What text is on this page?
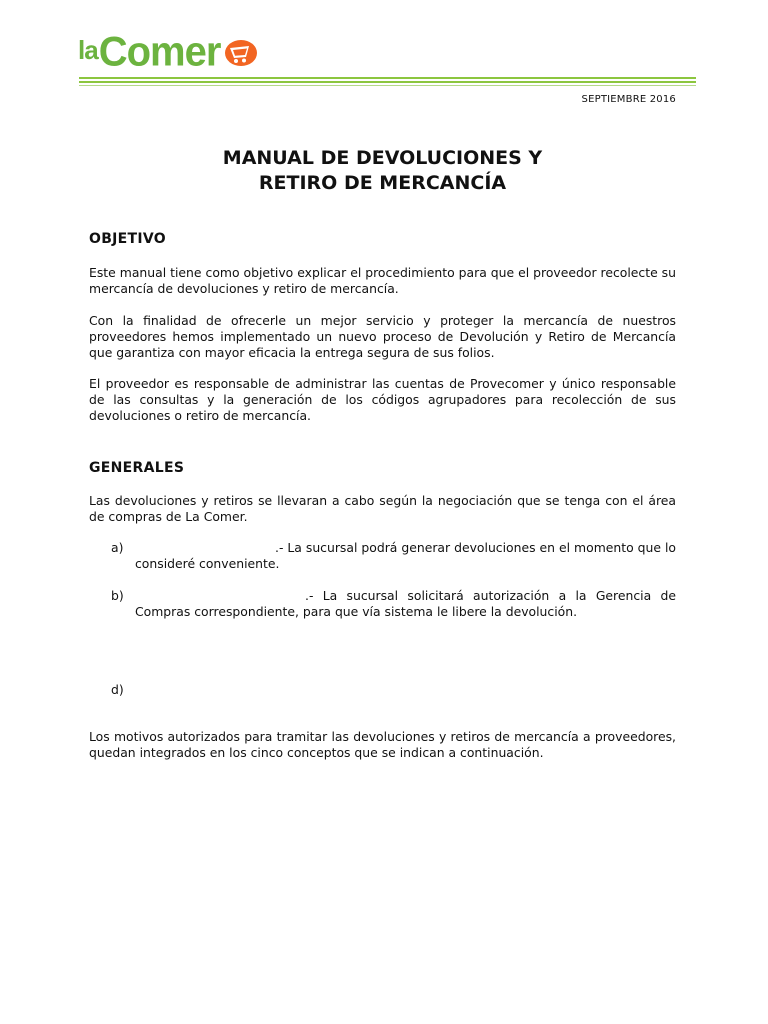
la Comer
SEPTIEMBRE 2016
MANUAL DE DEVOLUCIONES Y
RETIRO DE MERCANCÍA
OBJETIVO

Este manual tiene como objetivo explicar el procedimiento para que el proveedor recolecte su mercancía de devoluciones y retiro de mercancía.

Con la finalidad de ofrecerle un mejor servicio y proteger la mercancía de nuestros proveedores hemos implementado un nuevo proceso de Devolución y Retiro de Mercancía que garantiza con mayor eficacia la entrega segura de sus folios.

El proveedor es responsable de administrar las cuentas de Provecomer y único responsable de las consultas y la generación de los códigos agrupadores para recolección de sus devoluciones o retiro de mercancía.

GENERALES

Las devoluciones y retiros se llevaran a cabo según la negociación que se tenga con el área de compras de La Comer.

a)	.- La sucursal podrá generar devoluciones en el momento que lo consideré conveniente.
b)	.- La sucursal solicitará autorización a la Gerencia de Compras correspondiente, para que vía sistema le libere la devolución.
d)

Los motivos autorizados para tramitar las devoluciones y retiros de mercancía a proveedores, quedan integrados en los cinco conceptos que se indican a continuación.
